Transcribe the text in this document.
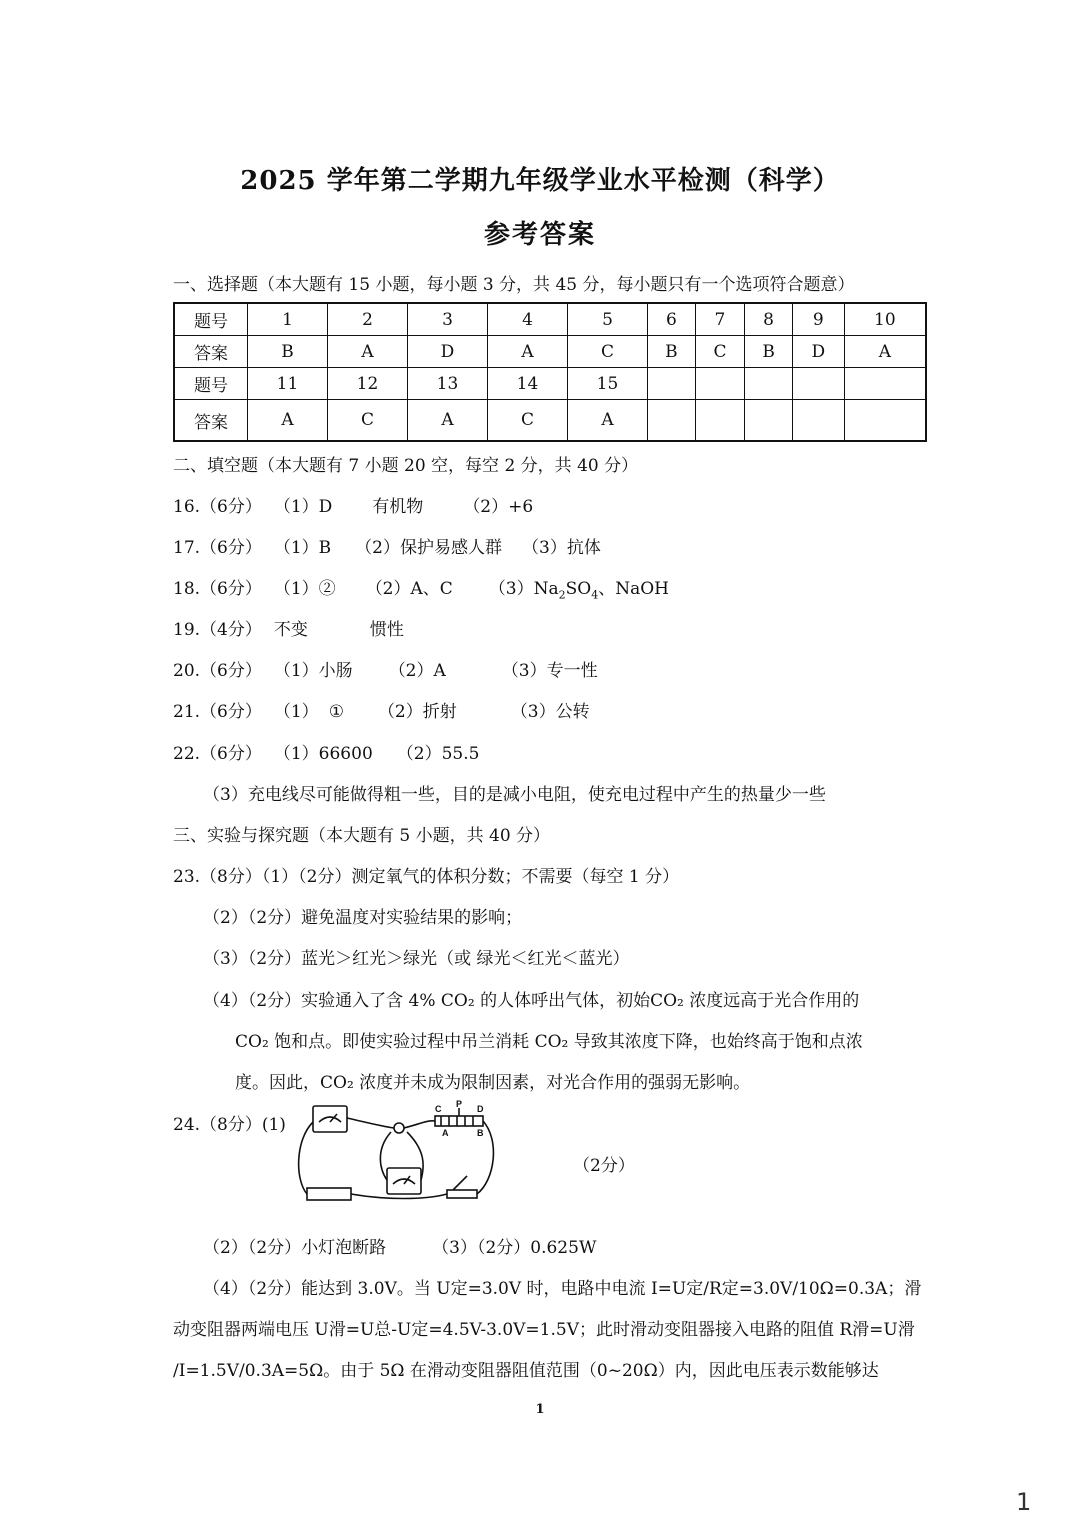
2025 学年第二学期九年级学业水平检测（科学）
参考答案
一、选择题（本大题有 15 小题，每小题 3 分，共 45 分，每小题只有一个选项符合题意）
题号	1	2	3	4	5	6	7	8	9	10
答案	B	A	D	A	C	B	C	B	D	A
题号	11	12	13	14	15					
答案	A	C	A	C	A					
二、填空题（本大题有 7 小题 20 空，每空 2 分，共 40 分）
16.（6分） （1）D 有机物 （2）+6
17.（6分） （1）B （2）保护易感人群 （3）抗体
18.（6分） （1）② （2）A、C $(3)Na_2SO_4$、NaOH
19.（4分） 不变	惯性
20.（6分） （1）小肠 （2）A	（3）专一性
21.（6分） （1） ① （2）折射	（3）公转
22.（6分） （1）66600 （2）55.5
（3）充电线尽可能做得粗一些，目的是减小电阻，使充电过程中产生的热量少一些
三、实验与探究题（本大题有 5 小题，共 40 分）
23.（8分）（1）（2分）测定氧气的体积分数；不需要（每空 1 分）
（2）（2分）避免温度对实验结果的影响；
（3）（2分）蓝光＞红光＞绿光（或 绿光＜红光＜蓝光）
（4）（2分）实验通入了含 4% CO₂ 的人体呼出气体，初始CO₂ 浓度远高于光合作用的
CO₂ 饱和点。即使实验过程中吊兰消耗 CO₂ 导致其浓度下降，也始终高于饱和点浓
度。因此，CO₂ 浓度并未成为限制因素，对光合作用的强弱无影响。
24.（8分）(1)
C P D
A	B
（2分）
（2）（2分）小灯泡断路	（3）（2分）0.625W
（4）（2分）能达到 3.0V。当 U定=3.0V 时，电路中电流 I=U定/R定=3.0V/10Ω=0.3A；滑
动变阻器两端电压 U滑=U总-U定=4.5V-3.0V=1.5V；此时滑动变阻器接入电路的阻值 R滑=U滑
/I=1.5V/0.3A=5Ω。由于 5Ω 在滑动变阻器阻值范围（0~20Ω）内，因此电压表示数能够达
1
1
